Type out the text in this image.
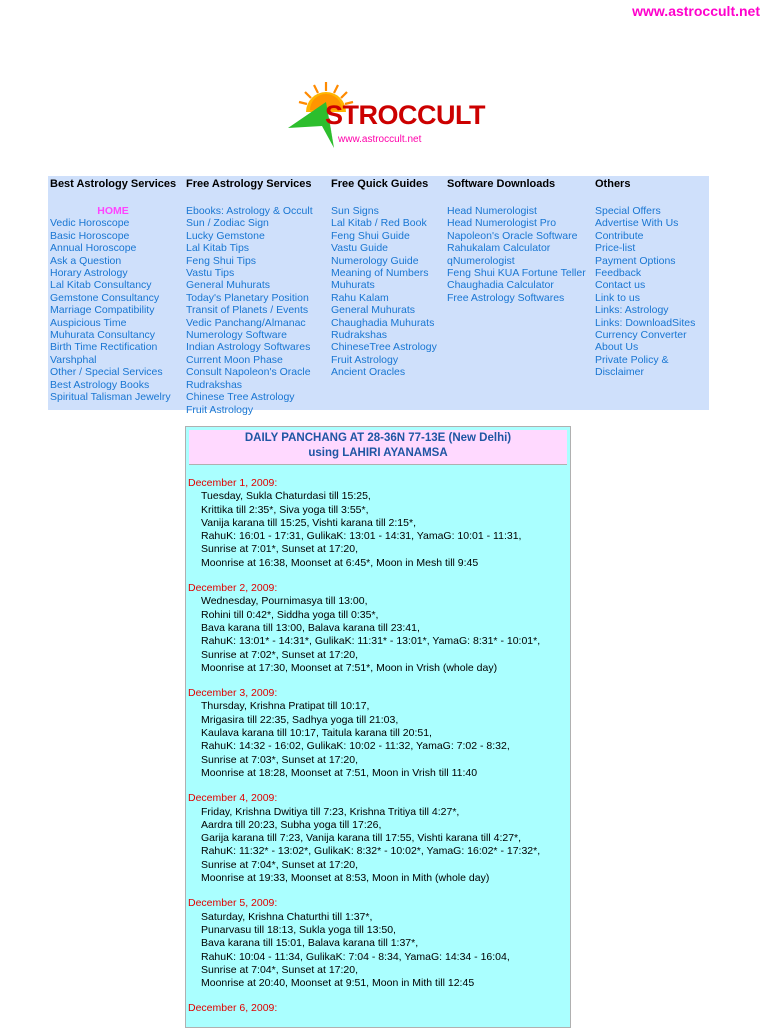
www.astroccult.net
STROCCULT
www.astroccult.net
Best Astrology Services
HOME
Vedic Horoscope
Basic Horoscope
Annual Horoscope
Ask a Question
Horary Astrology
Lal Kitab Consultancy
Gemstone Consultancy
Marriage Compatibility
Auspicious Time
Muhurata Consultancy
Birth Time Rectification
Varshphal
Other / Special Services
Best Astrology Books
Spiritual Talisman Jewelry
Free Astrology Services
Ebooks: Astrology & Occult
Sun / Zodiac Sign
Lucky Gemstone
Lal Kitab Tips
Feng Shui Tips
Vastu Tips
General Muhurats
Today's Planetary Position
Transit of Planets / Events
Vedic Panchang/Almanac
Numerology Software
Indian Astrology Softwares
Current Moon Phase
Consult Napoleon's Oracle
Rudrakshas
Chinese Tree Astrology
Fruit Astrology
Free Quick Guides
Sun Signs
Lal Kitab / Red Book
Feng Shui Guide
Vastu Guide
Numerology Guide
Meaning of Numbers
Muhurats
Rahu Kalam
General Muhurats
Chaughadia Muhurats
Rudrakshas
ChineseTree Astrology
Fruit Astrology
Ancient Oracles
Software Downloads
Head Numerologist
Head Numerologist Pro
Napoleon's Oracle Software
Rahukalam Calculator
qNumerologist
Feng Shui KUA Fortune Teller
Chaughadia Calculator
Free Astrology Softwares
Others
Special Offers
Advertise With Us
Contribute
Price-list
Payment Options
Feedback
Contact us
Link to us
Links: Astrology
Links: DownloadSites
Currency Converter
About Us
Private Policy &
Disclaimer
DAILY PANCHANG AT 28-36N 77-13E (New Delhi)
using LAHIRI AYANAMSA
December 1, 2009:
Tuesday, Sukla Chaturdasi till 15:25,
Krittika till 2:35*, Siva yoga till 3:55*,
Vanija karana till 15:25, Vishti karana till 2:15*,
RahuK: 16:01 - 17:31, GulikaK: 13:01 - 14:31, YamaG: 10:01 - 11:31,
Sunrise at 7:01*, Sunset at 17:20,
Moonrise at 16:38, Moonset at 6:45*, Moon in Mesh till 9:45
December 2, 2009:
Wednesday, Pournimasya till 13:00,
Rohini till 0:42*, Siddha yoga till 0:35*,
Bava karana till 13:00, Balava karana till 23:41,
RahuK: 13:01* - 14:31*, GulikaK: 11:31* - 13:01*, YamaG: 8:31* - 10:01*,
Sunrise at 7:02*, Sunset at 17:20,
Moonrise at 17:30, Moonset at 7:51*, Moon in Vrish (whole day)
December 3, 2009:
Thursday, Krishna Pratipat till 10:17,
Mrigasira till 22:35, Sadhya yoga till 21:03,
Kaulava karana till 10:17, Taitula karana till 20:51,
RahuK: 14:32 - 16:02, GulikaK: 10:02 - 11:32, YamaG: 7:02 - 8:32,
Sunrise at 7:03*, Sunset at 17:20,
Moonrise at 18:28, Moonset at 7:51, Moon in Vrish till 11:40
December 4, 2009:
Friday, Krishna Dwitiya till 7:23, Krishna Tritiya till 4:27*,
Aardra till 20:23, Subha yoga till 17:26,
Garija karana till 7:23, Vanija karana till 17:55, Vishti karana till 4:27*,
RahuK: 11:32* - 13:02*, GulikaK: 8:32* - 10:02*, YamaG: 16:02* - 17:32*,
Sunrise at 7:04*, Sunset at 17:20,
Moonrise at 19:33, Moonset at 8:53, Moon in Mith (whole day)
December 5, 2009:
Saturday, Krishna Chaturthi till 1:37*,
Punarvasu till 18:13, Sukla yoga till 13:50,
Bava karana till 15:01, Balava karana till 1:37*,
RahuK: 10:04 - 11:34, GulikaK: 7:04 - 8:34, YamaG: 14:34 - 16:04,
Sunrise at 7:04*, Sunset at 17:20,
Moonrise at 20:40, Moonset at 9:51, Moon in Mith till 12:45
December 6, 2009:
